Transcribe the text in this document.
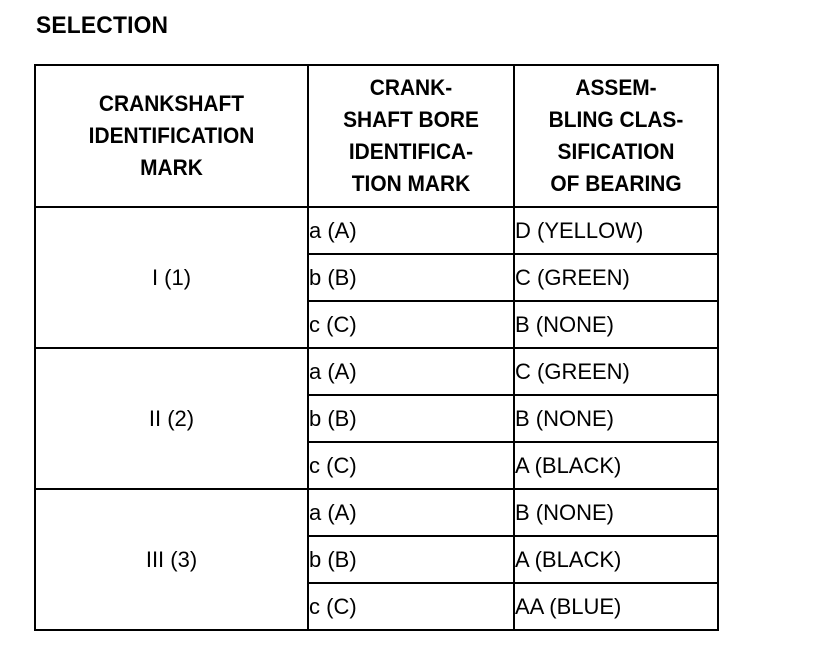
SELECTION
CRANKSHAFT
IDENTIFICATION
MARK	CRANK-
SHAFT BORE
IDENTIFICA-
TION MARK	ASSEM-
BLING CLAS-
SIFICATION
OF BEARING

I (1)	a (A)	D (YELLOW)
	b (B)	C (GREEN)
	c (C)	B (NONE)
II (2)	a (A)	C (GREEN)
	b (B)	B (NONE)
	c (C)	A (BLACK)
III (3)	a (A)	B (NONE)
	b (B)	A (BLACK)
	c (C)	AA (BLUE)
